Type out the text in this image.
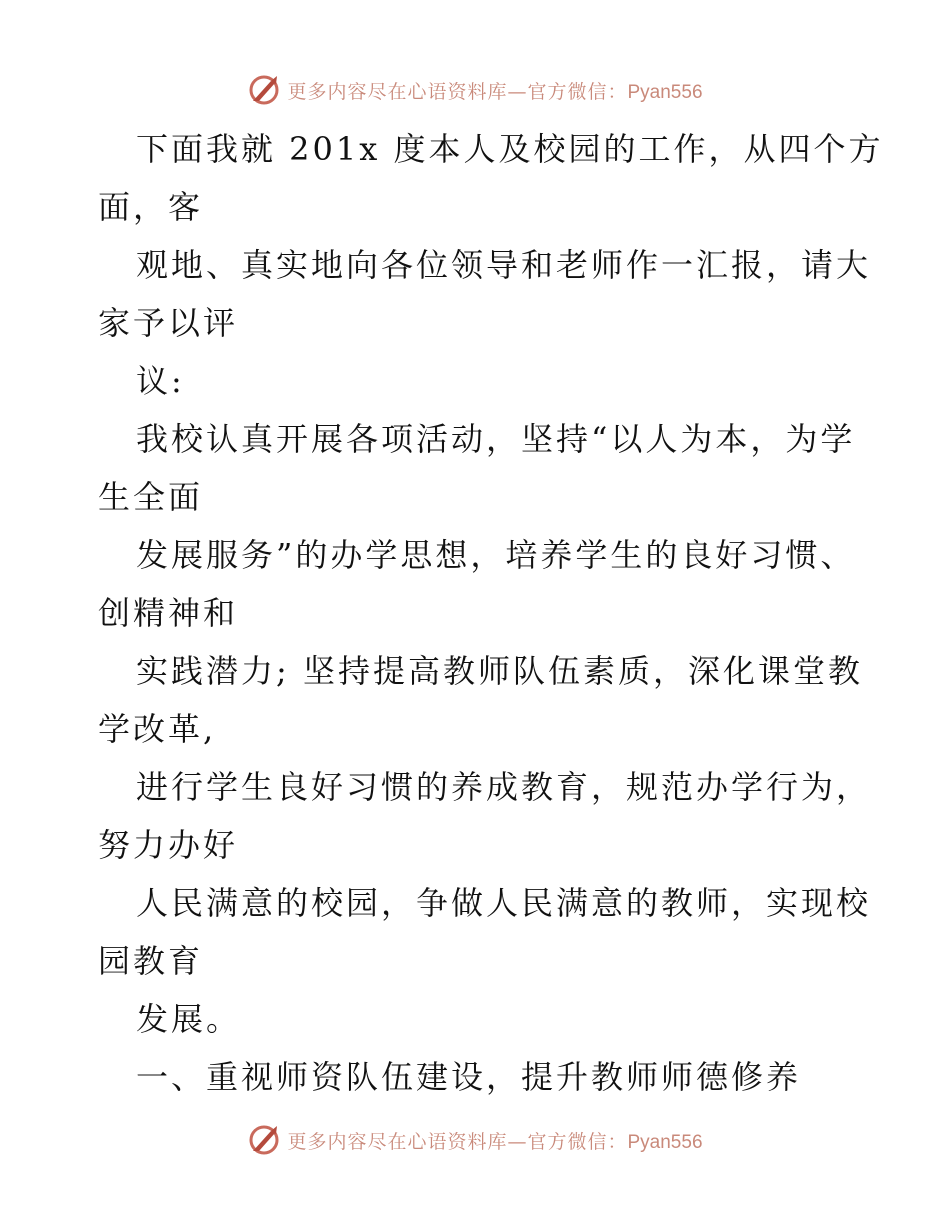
更多内容尽在心语资料库—官方微信：Pyan556
下面我就 201x 度本人及校园的工作，从四个方
面，客
观地、真实地向各位领导和老师作一汇报，请大
家予以评
议:
我校认真开展各项活动，坚持“以人为本，为学
生全面
发展服务”的办学思想，培养学生的良好习惯、
创精神和
实践潜力; 坚持提高教师队伍素质，深化课堂教
学改革,
进行学生良好习惯的养成教育，规范办学行为，
努力办好
人民满意的校园，争做人民满意的教师，实现校
园教育
发展。
一、重视师资队伍建设，提升教师师德修养
更多内容尽在心语资料库—官方微信：Pyan556
